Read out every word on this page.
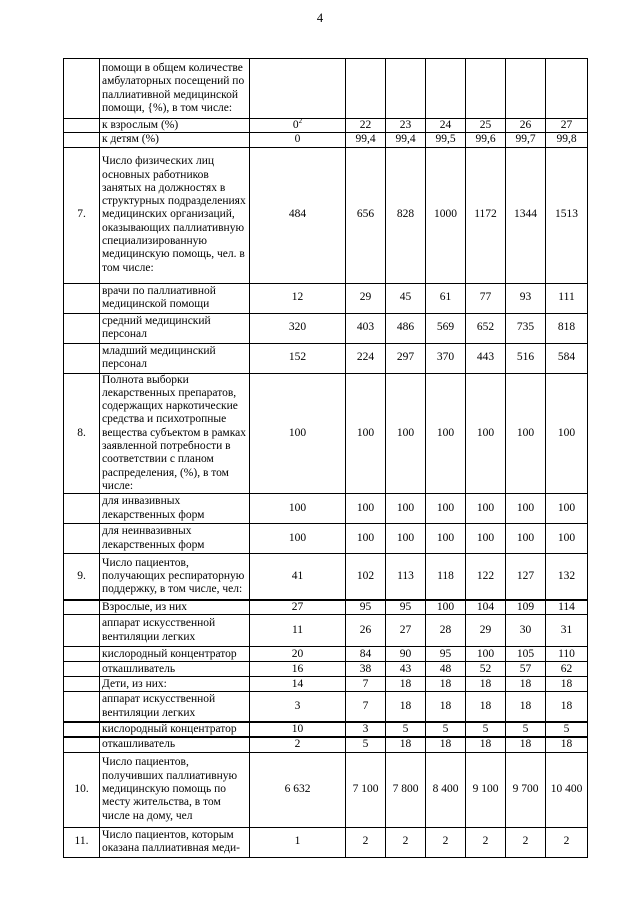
4
	помощи в общем количестве амбулаторных посещений по паллиативной медицинской помощи, {%), в том числе:							
	к взрослым (%)	$0^2$	22	23	24	25	26	27
	к детям (%)	0	99,4	99,4	99,5	99,6	99,7	99,8
7.	Число физических лиц основных работников занятых на должностях в структурных подразделениях медицинских организаций, оказывающих паллиативную специализированную медицинскую помощь, чел. в том числе:	484	656	828	1000	1172	1344	1513
	врачи по паллиативной медицинской помощи	12	29	45	61	77	93	111
	средний медицинский персонал	320	403	486	569	652	735	818
	младший медицинский персонал	152	224	297	370	443	516	584
8.	Полнота выборки лекарственных препаратов, содержащих наркотические средства и психотропные вещества субъектом в рамках заявленной потребности в соответствии с планом распределения, (%), в том числе:	100	100	100	100	100	100	100
	для инвазивных лекарственных форм	100	100	100	100	100	100	100
	для неинвазивных лекарственных форм	100	100	100	100	100	100	100
9.	Число пациентов, получающих респираторную поддержку, в том числе, чел:	41	102	113	118	122	127	132
	Взрослые, из них	27	95	95	100	104	109	114
	аппарат искусственной вентиляции легких	11	26	27	28	29	30	31
	кислородный концентратор	20	84	90	95	100	105	110
	откашливатель	16	38	43	48	52	57	62
	Дети, из них:	14	7	18	18	18	18	18
	аппарат искусственной вентиляции легких	3	7	18	18	18	18	18
	кислородный концентратор	10	3	5	5	5	5	5
	откашливатель	2	5	18	18	18	18	18
10.	Число пациентов, получивших паллиативную медицинскую помощь по месту жительства, в том числе на дому, чел	6 632	7 100	7 800	8 400	9 100	9 700	10 400
11.	Число пациентов, которым оказана паллиативная меди-	1	2	2	2	2	2	2
